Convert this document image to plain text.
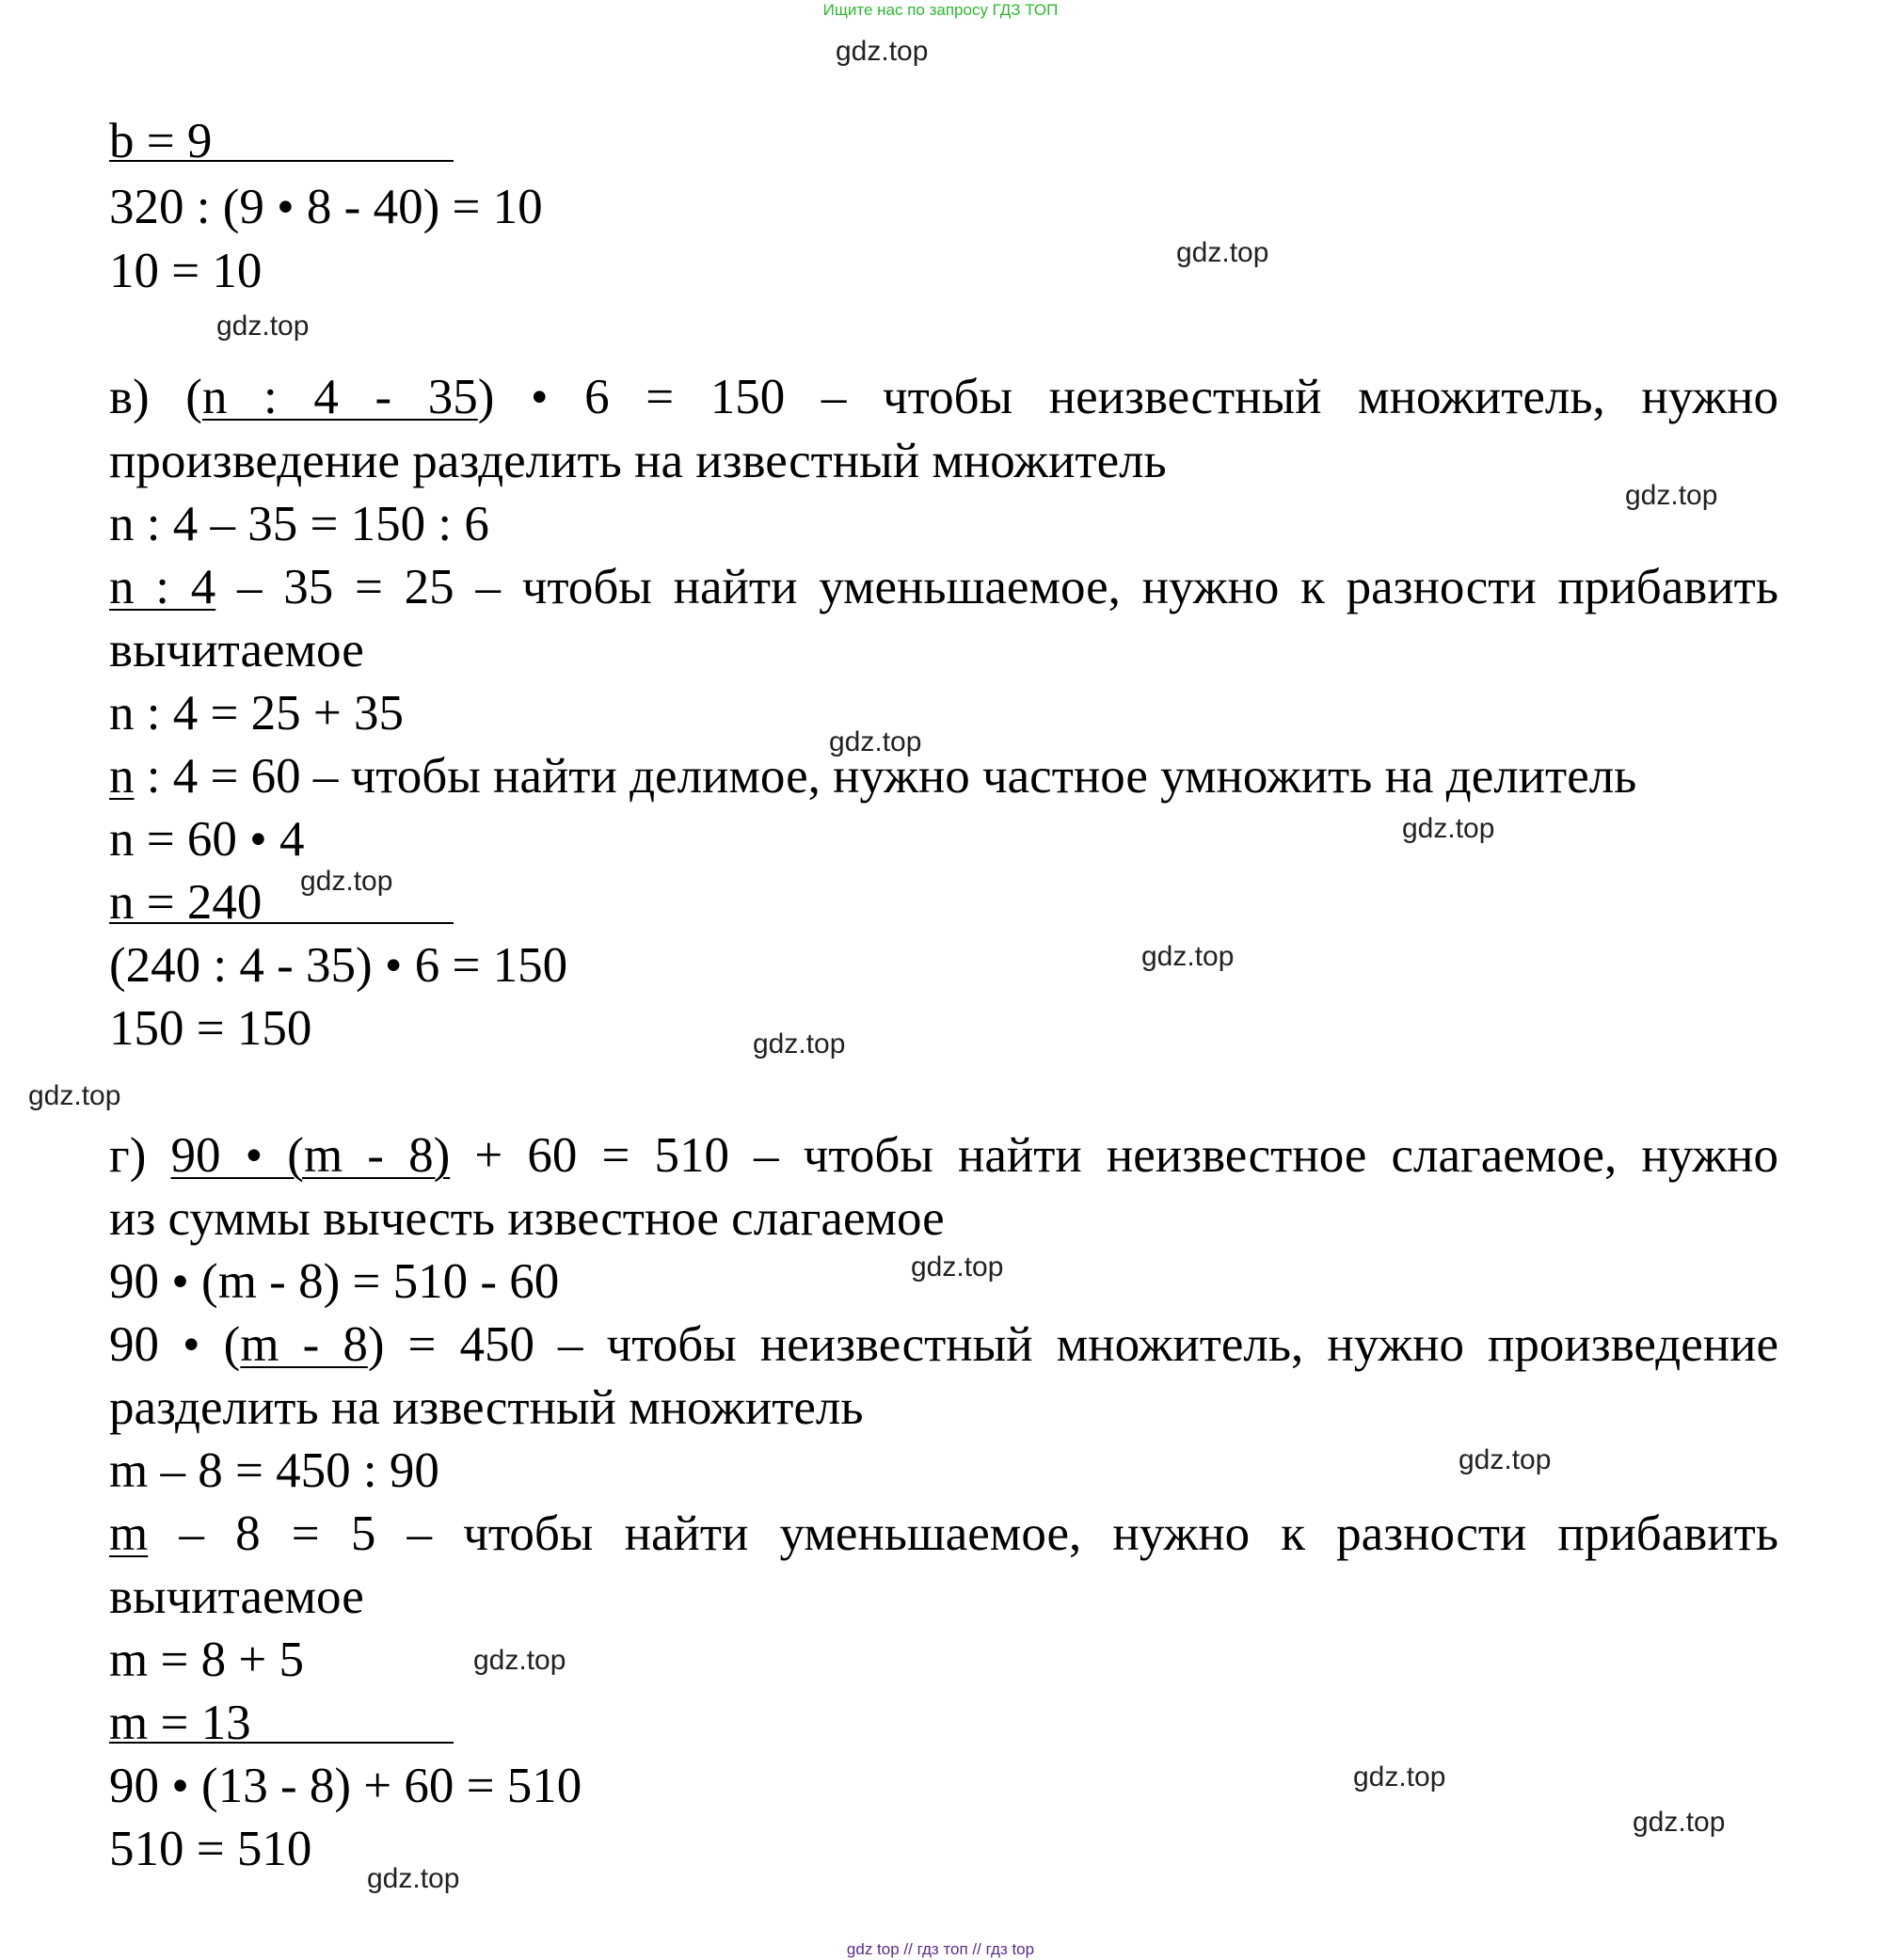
Ищите нас по запросу ГДЗ ТОП
gdz.top
gdz.top
gdz.top
gdz.top
gdz.top
gdz.top
gdz.top
gdz.top
gdz.top
gdz.top
gdz.top
gdz.top
gdz.top
gdz.top
gdz.top
gdz.top
b = 9
320 : (9 • 8 - 40) = 10
10 = 10
в) (n : 4 - 35) • 6 = 150 – чтобы неизвестный множитель, нужно
произведение разделить на известный множитель
n : 4 – 35 = 150 : 6
n : 4 – 35 = 25 – чтобы найти уменьшаемое, нужно к разности прибавить
вычитаемое
n : 4 = 25 + 35
n : 4 = 60 – чтобы найти делимое, нужно частное умножить на делитель
n = 60 • 4
n = 240
(240 : 4 - 35) • 6 = 150
150 = 150
г) 90 • (m - 8) + 60 = 510 – чтобы найти неизвестное слагаемое, нужно
из суммы вычесть известное слагаемое
90 • (m - 8) = 510 - 60
90 • (m - 8) = 450 – чтобы неизвестный множитель, нужно произведение
разделить на известный множитель
m – 8 = 450 : 90
m – 8 = 5 – чтобы найти уменьшаемое, нужно к разности прибавить
вычитаемое
m = 8 + 5
m = 13
90 • (13 - 8) + 60 = 510
510 = 510
gdz top // гдз топ // гдз top
